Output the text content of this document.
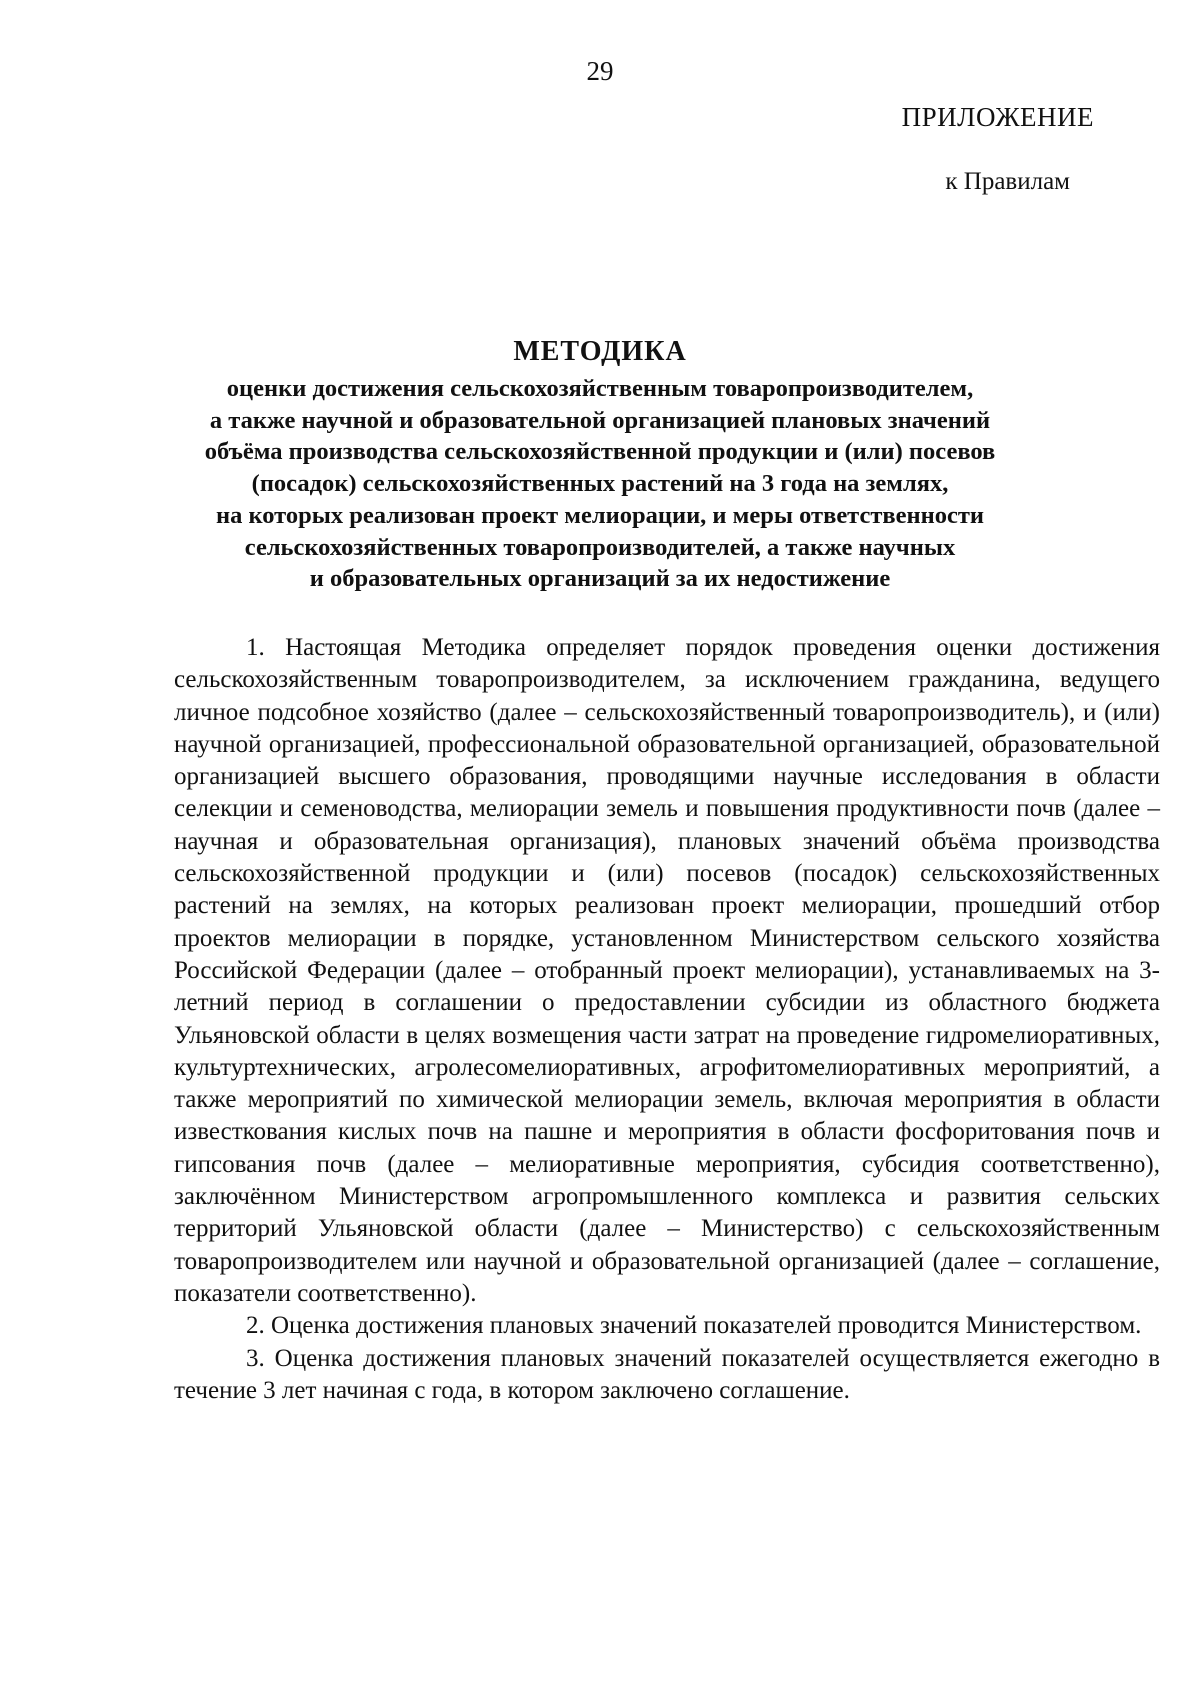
29
ПРИЛОЖЕНИЕ
к Правилам
МЕТОДИКА
оценки достижения сельскохозяйственным товаропроизводителем,
а также научной и образовательной организацией плановых значений
объёма производства сельскохозяйственной продукции и (или) посевов
(посадок) сельскохозяйственных растений на 3 года на землях,
на которых реализован проект мелиорации, и меры ответственности
сельскохозяйственных товаропроизводителей, а также научных
и образовательных организаций за их недостижение

1. Настоящая Методика определяет порядок проведения оценки достижения сельскохозяйственным товаропроизводителем, за исключением гражданина, ведущего личное подсобное хозяйство (далее – сельскохозяйственный товаропроизводитель), и (или) научной организацией, профессиональной образовательной организацией, образовательной организацией высшего образования, проводящими научные исследования в области селекции и семеноводства, мелиорации земель и повышения продуктивности почв (далее – научная и образовательная организация), плановых значений объёма производства сельскохозяйственной продукции и (или) посевов (посадок) сельскохозяйственных растений на землях, на которых реализован проект мелиорации, прошедший отбор проектов мелиорации в порядке, установленном Министерством сельского хозяйства Российской Федерации (далее – отобранный проект мелиорации), устанавливаемых на 3-летний период в соглашении о предоставлении субсидии из областного бюджета Ульяновской области в целях возмещения части затрат на проведение гидромелиоративных, культуртехнических, агролесомелиоративных, агрофитомелиоративных мероприятий, а также мероприятий по химической мелиорации земель, включая мероприятия в области известкования кислых почв на пашне и мероприятия в области фосфоритования почв и гипсования почв (далее – мелиоративные мероприятия, субсидия соответственно), заключённом Министерством агропромышленного комплекса и развития сельских территорий Ульяновской области (далее – Министерство) с сельскохозяйственным товаропроизводителем или научной и образовательной организацией (далее – соглашение, показатели соответственно).

2. Оценка достижения плановых значений показателей проводится Министерством.

3. Оценка достижения плановых значений показателей осуществляется ежегодно в течение 3 лет начиная с года, в котором заключено соглашение.
